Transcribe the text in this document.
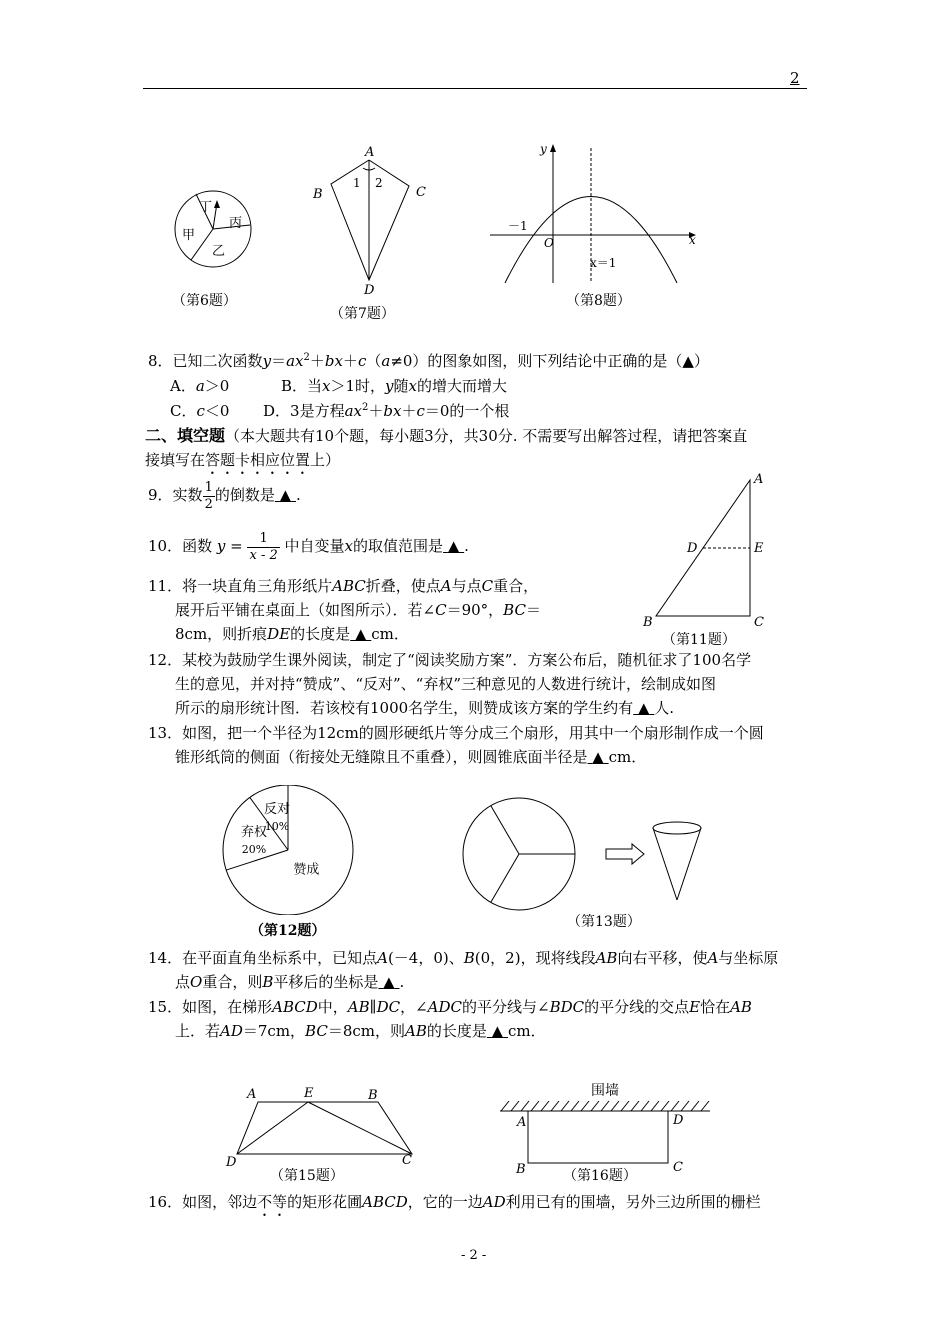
2
丁
丙
甲
乙
（第6题）
A
B	C
D
1 2
（第7题）
y
x
O
－1
x＝1
（第8题）
8．已知二次函数$y=ax^2+bx+c(a\ne 0)$的图象如图，则下列结论中正确的是（▲）
A．a＞0	B．当x＞1时，y随x的增大而增大
C．c＜0 D．3是方程$ax^2+bx+c=0$的一个根
二、填空题（本大题共有10个题，每小题3分，共30分. 不需要写出解答过程，请把答案直
接填写在答题卡相应位置上）
9．实数 $\frac{1}{2}$ 的倒数是 ▲ .
10．函数 $y = \frac{1}{x - 2}$ 中自变量x的取值范围是 ▲ .
A
B	C
D	E
（第11题）
11．将一块直角三角形纸片ABC折叠，使点A与点C重合，
展开后平铺在桌面上（如图所示）．若∠C＝90°，BC＝
8cm，则折痕DE的长度是 ▲ cm．
12．某校为鼓励学生课外阅读，制定了“阅读奖励方案”．方案公布后，随机征求了100名学
生的意见，并对持“赞成”、“反对”、“弃权”三种意见的人数进行统计，绘制成如图
所示的扇形统计图．若该校有1000名学生，则赞成该方案的学生约有 ▲ 人.
13．如图，把一个半径为12cm的圆形硬纸片等分成三个扇形，用其中一个扇形制作成一个圆
锥形纸筒的侧面（衔接处无缝隙且不重叠），则圆锥底面半径是 ▲ cm．
赞成
弃权
20%
反对
10%
（第12题）
（第13题）
14．在平面直角坐标系中，已知点A(－4，0)、B(0，2)，现将线段AB向右平移，使A与坐标原
点O重合，则B平移后的坐标是 ▲ .
15．如图，在梯形ABCD中，AB∥DC，∠ADC的平分线与∠BDC的平分线的交点E恰在AB
上．若AD＝7cm，BC＝8cm，则AB的长度是 ▲ cm．
A	E	B
D	C
（第15题）
围墙
A	D
B	C
（第16题）
16．如图，邻边不等的矩形花圃ABCD，它的一边AD利用已有的围墙，另外三边所围的栅栏
- 2 -
